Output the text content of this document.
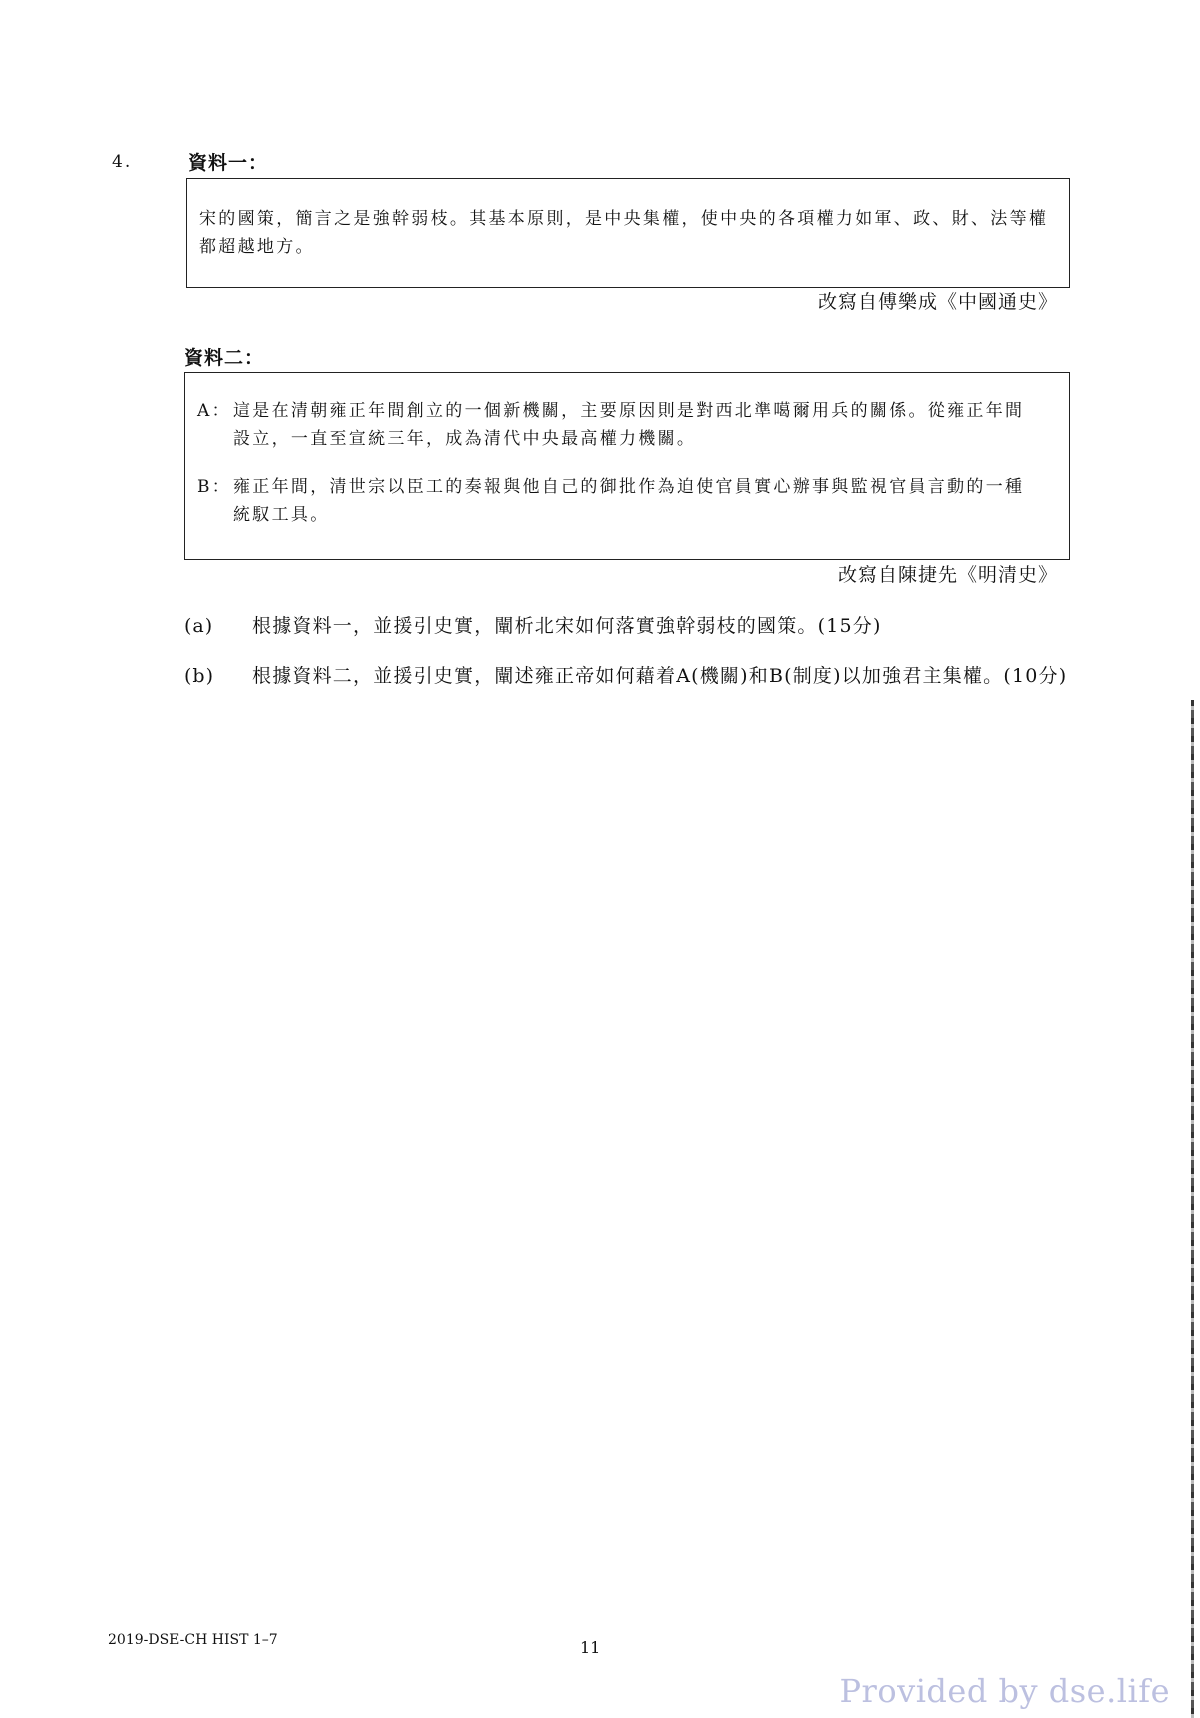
4.	資料一：
宋的國策，簡言之是強幹弱枝。其基本原則，是中央集權，使中央的各項權力如軍、政、財、法等權都超越地方。
改寫自傅樂成《中國通史》
資料二：
A： 這是在清朝雍正年間創立的一個新機關，主要原因則是對西北準噶爾用兵的關係。從雍正年間設立，一直至宣統三年，成為清代中央最高權力機關。
B： 雍正年間，清世宗以臣工的奏報與他自己的御批作為迫使官員實心辦事與監視官員言動的一種統馭工具。
改寫自陳捷先《明清史》
(a) 根據資料一，並援引史實，闡析北宋如何落實強幹弱枝的國策。(15分)
(b) 根據資料二，並援引史實，闡述雍正帝如何藉着A(機關)和B(制度)以加強君主集權。(10分)
2019-DSE-CH HIST 1–7	11
Provided by dse.life
